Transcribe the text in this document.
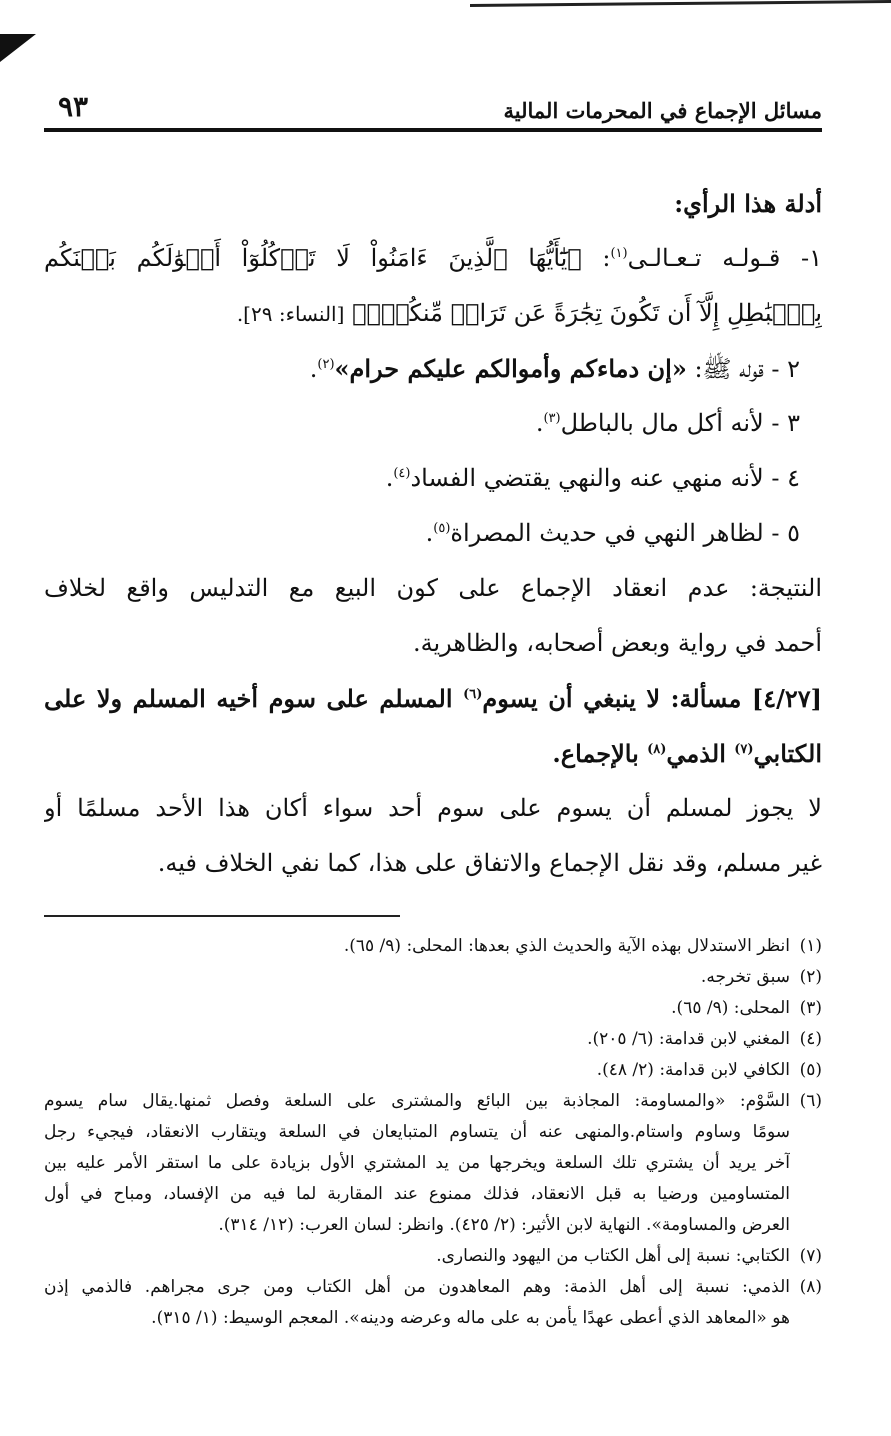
مسائل الإجماع في المحرمات المالية
٩٣
أدلة هذا الرأي:
١- قـولـه تـعـالـى$^{(١)}$: ﴿يَٰٓأَيُّهَا ٱلَّذِينَ ءَامَنُواْ لَا تَأۡكُلُوٓاْ أَمۡوَٰلَكُم بَيۡنَكُم
بِٱلۡبَٰطِلِ إِلَّآ أَن تَكُونَ تِجَٰرَةً عَن تَرَاضٖ مِّنكُمۡۚ﴾ [النساء: ٢٩].
٢ - قوله ﷺ: «إن دماءكم وأموالكم عليكم حرام»$^{(٢)}$.
٣ - لأنه أكل مال بالباطل$^{(٣)}$.
٤ - لأنه منهي عنه والنهي يقتضي الفساد$^{(٤)}$.
٥ - لظاهر النهي في حديث المصراة$^{(٥)}$.
النتيجة: عدم انعقاد الإجماع على كون البيع مع التدليس واقع لخلاف
أحمد في رواية وبعض أصحابه، والظاهرية.
[٤/٢٧] مسألة: لا ينبغي أن يسوم$^{(٦)}$ المسلم على سوم أخيه المسلم ولا على
الكتابي$^{(٧)}$ الذمي$^{(٨)}$ بالإجماع.
لا يجوز لمسلم أن يسوم على سوم أحد سواء أكان هذا الأحد مسلمًا أو
غير مسلم، وقد نقل الإجماع والاتفاق على هذا، كما نفي الخلاف فيه.
(١)
انظر الاستدلال بهذه الآية والحديث الذي بعدها: المحلى: (٩/ ٦٥).
(٢)
سبق تخرجه.
(٣)
المحلى: (٩/ ٦٥).
(٤)
المغني لابن قدامة: (٦/ ٢٠٥).
(٥)
الكافي لابن قدامة: (٢/ ٤٨).
(٦)
السَّوْم: «والمساومة: المجاذبة بين البائع والمشترى على السلعة وفصل ثمنها.يقال سام يسوم
سومًا وساوم واستام.والمنهى عنه أن يتساوم المتبايعان في السلعة ويتقارب الانعقاد، فيجيء رجل
آخر يريد أن يشتري تلك السلعة ويخرجها من يد المشتري الأول بزيادة على ما استقر الأمر عليه بين
المتساومين ورضيا به قبل الانعقاد، فذلك ممنوع عند المقاربة لما فيه من الإفساد، ومباح في أول
العرض والمساومة». النهاية لابن الأثير: (٢/ ٤٢٥). وانظر: لسان العرب: (١٢/ ٣١٤).
(٧)
الكتابي: نسبة إلى أهل الكتاب من اليهود والنصارى.
(٨)
الذمي: نسبة إلى أهل الذمة: وهم المعاهدون من أهل الكتاب ومن جرى مجراهم. فالذمي إذن
هو «المعاهد الذي أعطى عهدًا يأمن به على ماله وعرضه ودينه». المعجم الوسيط: (١/ ٣١٥).
